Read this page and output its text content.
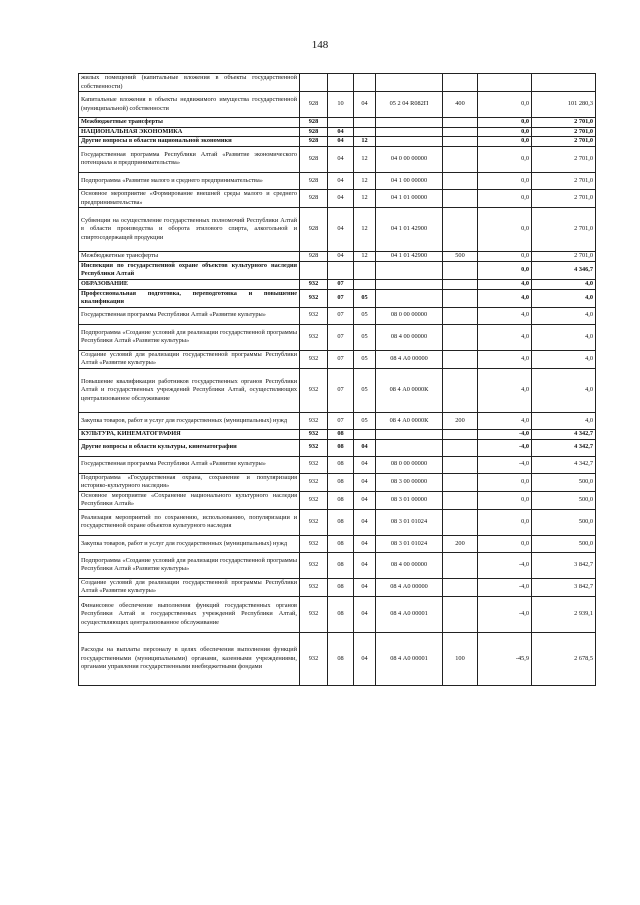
148
жилых помещений (капитальные вложения в объекты государственной собственности)							
Капитальные вложения в объекты недвижимого имущества государственной (муниципальной) собственности	928	10	04	05 2 04 R082П	400	0,0	101 280,3
Межбюджетные трансферты	928					0,0	2 701,0
НАЦИОНАЛЬНАЯ ЭКОНОМИКА	928	04				0,0	2 701,0
Другие вопросы в области национальной экономики	928	04	12			0,0	2 701,0
Государственная программа Республики Алтай «Развитие экономического потенциала и предпринимательства»	928	04	12	04 0 00 00000		0,0	2 701,0
Подпрограмма «Развитие малого и среднего предпринимательства»	928	04	12	04 1 00 00000		0,0	2 701,0
Основное мероприятие «Формирование внешней среды малого и среднего предпринимательства»	928	04	12	04 1 01 00000		0,0	2 701,0
Субвенции на осуществление государственных полномочий Республики Алтай в области производства и оборота этилового спирта, алкогольной и спиртосодержащей продукции	928	04	12	04 1 01 42900		0,0	2 701,0
Межбюджетные трансферты	928	04	12	04 1 01 42900	500	0,0	2 701,0
Инспекция по государственной охране объектов культурного наследия Республики Алтай						0,0	4 346,7
ОБРАЗОВАНИЕ	932	07				4,0	4,0
Профессиональная подготовка, переподготовка и повышение квалификации	932	07	05			4,0	4,0
Государственная программа Республики Алтай «Развитие культуры»	932	07	05	08 0 00 00000		4,0	4,0
Подпрограмма «Создание условий для реализации государственной программы Республики Алтай «Развитие культуры»	932	07	05	08 4 00 00000		4,0	4,0
Создание условий для реализации государственной программы Республики Алтай «Развитие культуры»	932	07	05	08 4 А0 00000		4,0	4,0
Повышение квалификации работников государственных органов Республики Алтай и государственных учреждений Республики Алтай, осуществляющих централизованное обслуживание	932	07	05	08 4 А0 0000К		4,0	4,0
Закупка товаров, работ и услуг для государственных (муниципальных) нужд	932	07	05	08 4 А0 0000К	200	4,0	4,0
КУЛЬТУРА, КИНЕМАТОГРАФИЯ	932	08				-4,0	4 342,7
Другие вопросы в области культуры, кинематографии	932	08	04			-4,0	4 342,7
Государственная программа Республики Алтай «Развитие культуры»	932	08	04	08 0 00 00000		-4,0	4 342,7
Подпрограмма «Государственная охрана, сохранение и популяризация историко-культурного наследия»	932	08	04	08 3 00 00000		0,0	500,0
Основное мероприятие «Сохранение национального культурного наследия Республики Алтай»	932	08	04	08 3 01 00000		0,0	500,0
Реализация мероприятий по сохранению, использованию, популяризации и государственной охране объектов культурного наследия	932	08	04	08 3 01 01024		0,0	500,0
Закупка товаров, работ и услуг для государственных (муниципальных) нужд	932	08	04	08 3 01 01024	200	0,0	500,0
Подпрограмма «Создание условий для реализации государственной программы Республики Алтай «Развитие культуры»	932	08	04	08 4 00 00000		-4,0	3 842,7
Создание условий для реализации государственной программы Республики Алтай «Развитие культуры»	932	08	04	08 4 А0 00000		-4,0	3 842,7
Финансовое обеспечение выполнения функций государственных органов Республики Алтай и государственных учреждений Республики Алтай, осуществляющих централизованное обслуживание	932	08	04	08 4 А0 00001		-4,0	2 939,1
Расходы на выплаты персоналу в целях обеспечения выполнения функций государственными (муниципальными) органами, казенными учреждениями, органами управления государственными внебюджетными фондами	932	08	04	08 4 А0 00001	100	-45,9	2 678,5
